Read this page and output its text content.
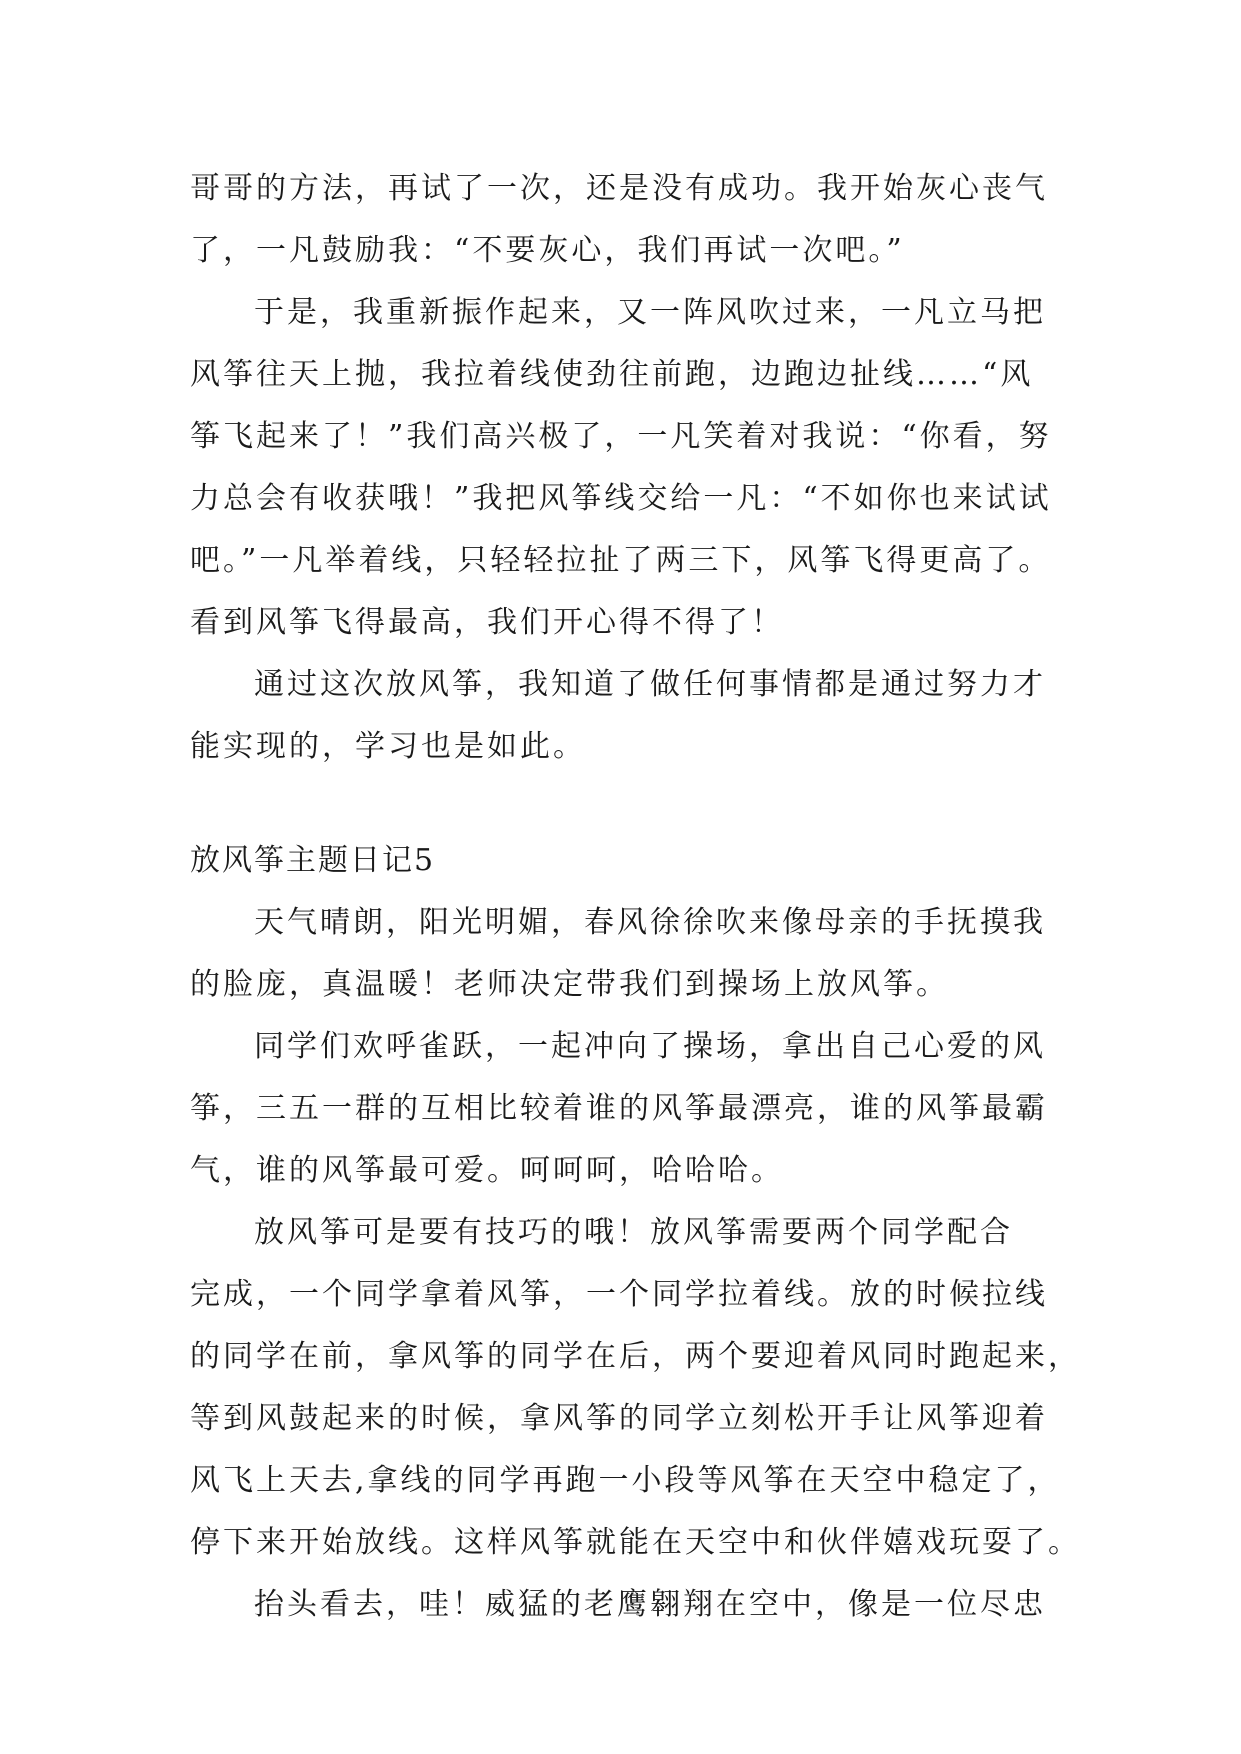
哥哥的方法，再试了一次，还是没有成功。我开始灰心丧气
了，一凡鼓励我：“不要灰心，我们再试一次吧。”
于是，我重新振作起来，又一阵风吹过来，一凡立马把
风筝往天上抛，我拉着线使劲往前跑，边跑边扯线……“风
筝飞起来了！”我们高兴极了，一凡笑着对我说：“你看，努
力总会有收获哦！”我把风筝线交给一凡：“不如你也来试试
吧。”一凡举着线，只轻轻拉扯了两三下，风筝飞得更高了。
看到风筝飞得最高，我们开心得不得了！
通过这次放风筝，我知道了做任何事情都是通过努力才
能实现的，学习也是如此。
放风筝主题日记5
天气晴朗，阳光明媚，春风徐徐吹来像母亲的手抚摸我
的脸庞，真温暖！老师决定带我们到操场上放风筝。
同学们欢呼雀跃，一起冲向了操场，拿出自己心爱的风
筝，三五一群的互相比较着谁的风筝最漂亮，谁的风筝最霸
气，谁的风筝最可爱。呵呵呵，哈哈哈。
放风筝可是要有技巧的哦！放风筝需要两个同学配合
完成，一个同学拿着风筝，一个同学拉着线。放的时候拉线
的同学在前，拿风筝的同学在后，两个要迎着风同时跑起来，
等到风鼓起来的时候，拿风筝的同学立刻松开手让风筝迎着
风飞上天去,拿线的同学再跑一小段等风筝在天空中稳定了，
停下来开始放线。这样风筝就能在天空中和伙伴嬉戏玩耍了。
抬头看去，哇！威猛的老鹰翱翔在空中，像是一位尽忠
